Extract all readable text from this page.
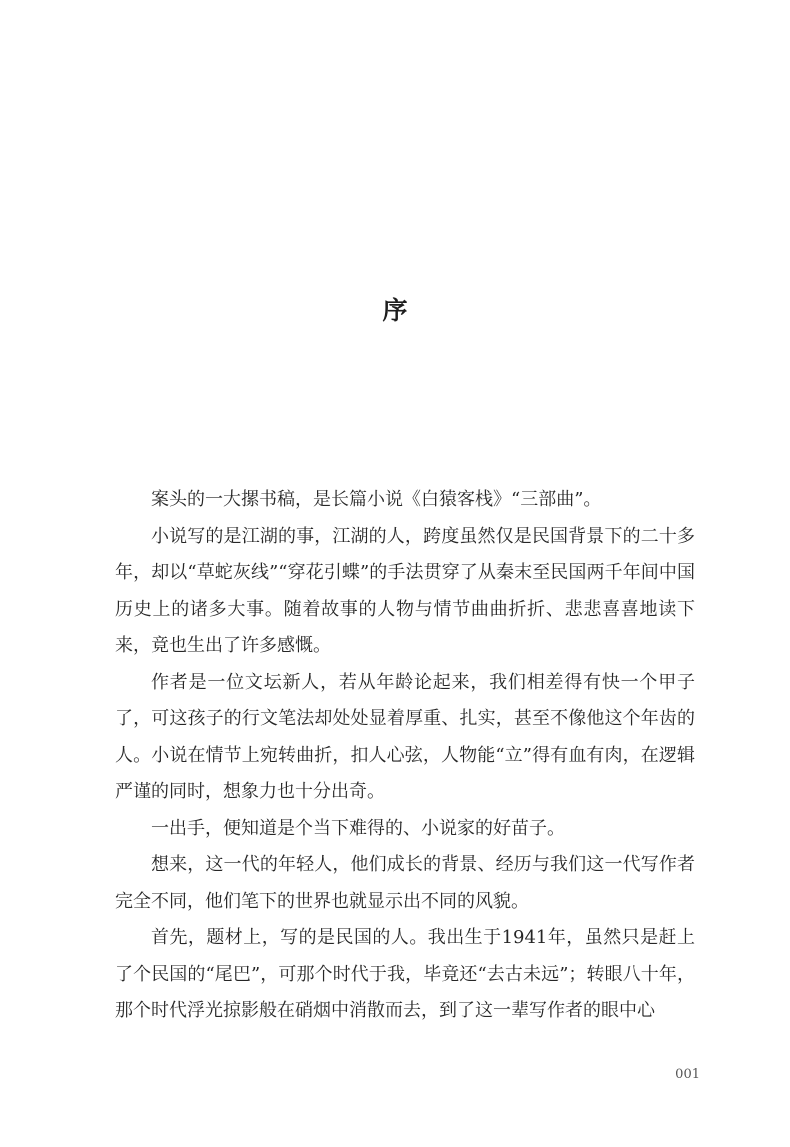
序

案头的一大摞书稿，是长篇小说《白猿客栈》“三部曲”。

小说写的是江湖的事，江湖的人，跨度虽然仅是民国背景下的二十多年，却以“草蛇灰线”“穿花引蝶”的手法贯穿了从秦末至民国两千年间中国历史上的诸多大事。随着故事的人物与情节曲曲折折、悲悲喜喜地读下来，竟也生出了许多感慨。

作者是一位文坛新人，若从年龄论起来，我们相差得有快一个甲子了，可这孩子的行文笔法却处处显着厚重、扎实，甚至不像他这个年齿的人。小说在情节上宛转曲折，扣人心弦，人物能“立”得有血有肉，在逻辑严谨的同时，想象力也十分出奇。

一出手，便知道是个当下难得的、小说家的好苗子。

想来，这一代的年轻人，他们成长的背景、经历与我们这一代写作者完全不同，他们笔下的世界也就显示出不同的风貌。

首先，题材上，写的是民国的人。我出生于1941年，虽然只是赶上了个民国的“尾巴”，可那个时代于我，毕竟还“去古未远”；转眼八十年，那个时代浮光掠影般在硝烟中消散而去，到了这一辈写作者的眼中心

001
